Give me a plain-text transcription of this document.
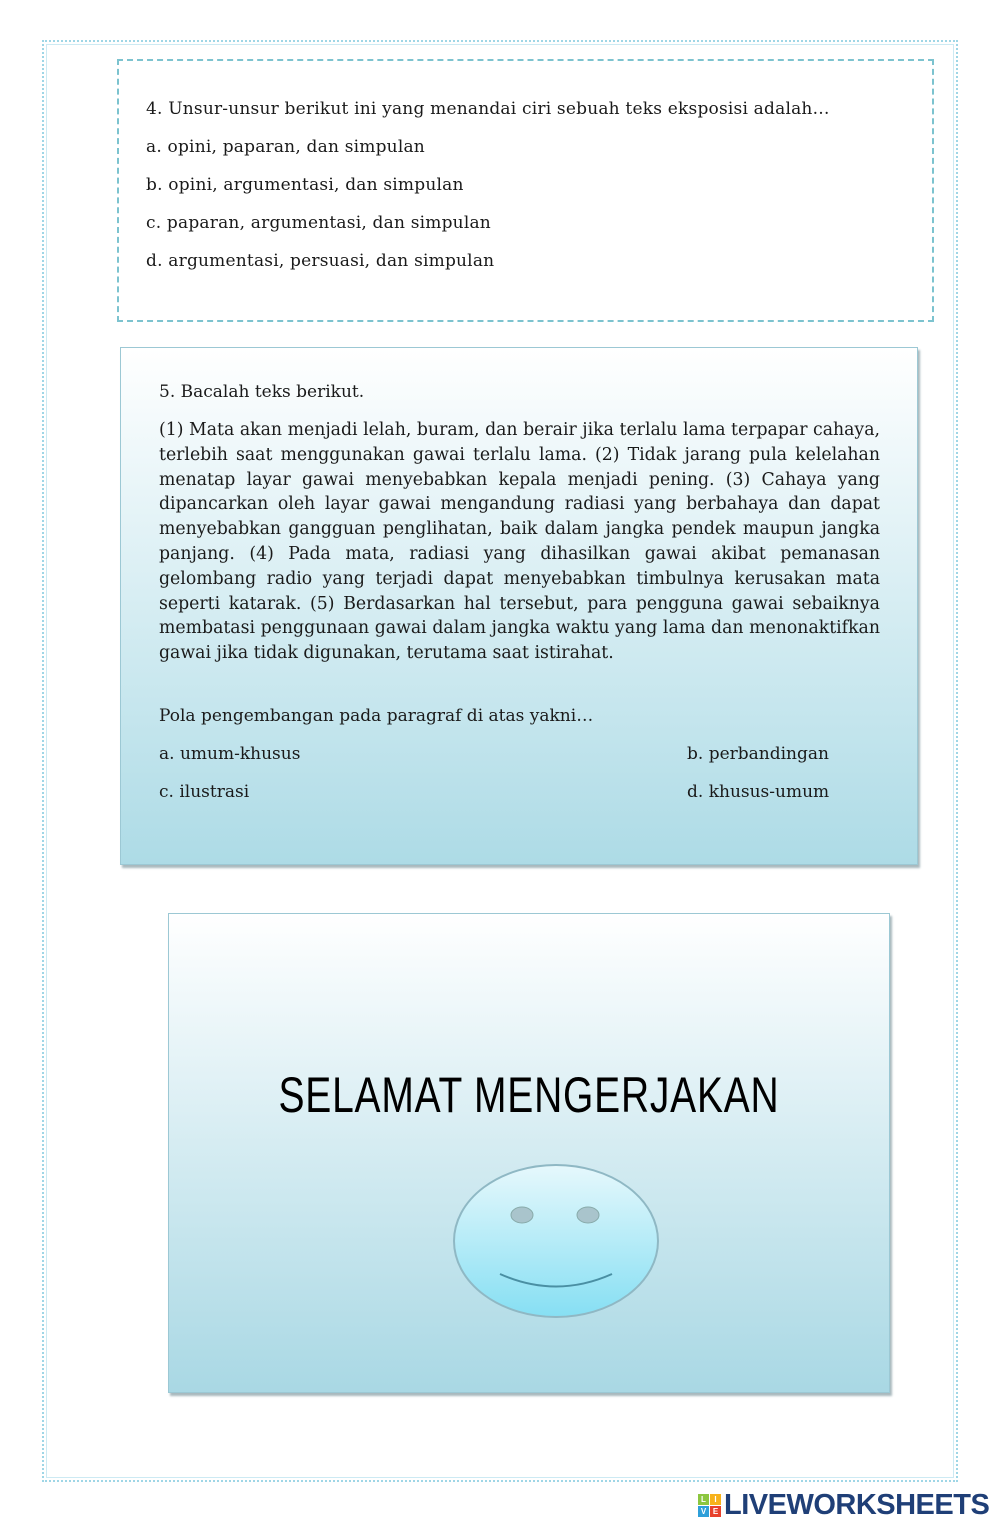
4. Unsur-unsur berikut ini yang menandai ciri sebuah teks eksposisi adalah…

a. opini, paparan, dan simpulan

b. opini, argumentasi, dan simpulan

c. paparan, argumentasi, dan simpulan

d. argumentasi, persuasi, dan simpulan

5. Bacalah teks berikut.

(1) Mata akan menjadi lelah, buram, dan berair jika terlalu lama terpapar cahaya, terlebih saat menggunakan gawai terlalu lama. (2) Tidak jarang pula kelelahan menatap layar gawai menyebabkan kepala menjadi pening. (3) Cahaya yang dipancarkan oleh layar gawai mengandung radiasi yang berbahaya dan dapat menyebabkan gangguan penglihatan, baik dalam jangka pendek maupun jangka panjang. (4) Pada mata, radiasi yang dihasilkan gawai akibat pemanasan gelombang radio yang terjadi dapat menyebabkan timbulnya kerusakan mata seperti katarak. (5) Berdasarkan hal tersebut, para pengguna gawai sebaiknya membatasi penggunaan gawai dalam jangka waktu yang lama dan menonaktifkan gawai jika tidak digunakan, terutama saat istirahat.

Pola pengembangan pada paragraf di atas yakni…

a. umum-khusus	b. perbandingan

c. ilustrasi	d. khusus-umum

SELAMAT MENGERJAKAN
L	I
V E LIVEWORKSHEETS
